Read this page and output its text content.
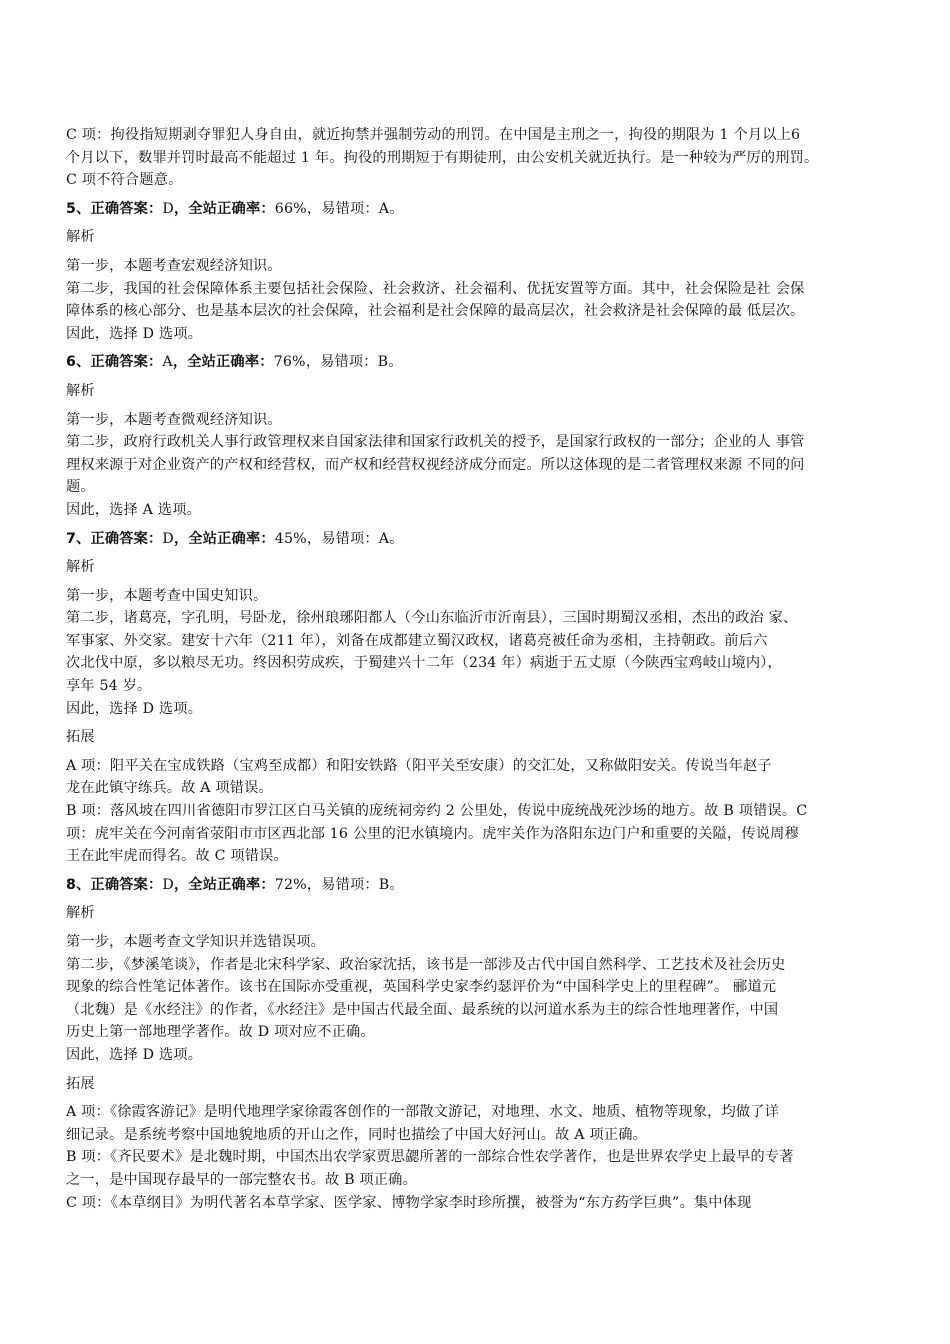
C 项：拘役指短期剥夺罪犯人身自由，就近拘禁并强制劳动的刑罚。在中国是主刑之一，拘役的期限为 1 个月以上6
个月以下，数罪并罚时最高不能超过 1 年。拘役的刑期短于有期徒刑，由公安机关就近执行。是一种较为严厉的刑罚。
C 项不符合题意。
5、正确答案：D，全站正确率：66%，易错项：A。
解析
第一步，本题考查宏观经济知识。
第二步，我国的社会保障体系主要包括社会保险、社会救济、社会福利、优抚安置等方面。其中，社会保险是社 会保
障体系的核心部分、也是基本层次的社会保障，社会福利是社会保障的最高层次，社会救济是社会保障的最 低层次。
因此，选择 D 选项。
6、正确答案：A，全站正确率：76%，易错项：B。
解析
第一步，本题考查微观经济知识。
第二步，政府行政机关人事行政管理权来自国家法律和国家行政机关的授予，是国家行政权的一部分；企业的人 事管
理权来源于对企业资产的产权和经营权，而产权和经营权视经济成分而定。所以这体现的是二者管理权来源 不同的问
题。
因此，选择 A 选项。
7、正确答案：D，全站正确率：45%，易错项：A。
解析
第一步，本题考查中国史知识。
第二步，诸葛亮，字孔明，号卧龙，徐州琅琊阳都人（今山东临沂市沂南县），三国时期蜀汉丞相，杰出的政治 家、
军事家、外交家。建安十六年（211 年），刘备在成都建立蜀汉政权，诸葛亮被任命为丞相，主持朝政。前后六
次北伐中原，多以粮尽无功。终因积劳成疾，于蜀建兴十二年（234 年）病逝于五丈原（今陕西宝鸡岐山境内），
享年 54 岁。
因此，选择 D 选项。
拓展
A 项：阳平关在宝成铁路（宝鸡至成都）和阳安铁路（阳平关至安康）的交汇处，又称做阳安关。传说当年赵子
龙在此镇守练兵。故 A 项错误。
B 项：落风坡在四川省德阳市罗江区白马关镇的庞统祠旁约 2 公里处，传说中庞统战死沙场的地方。故 B 项错误。C
项：虎牢关在今河南省荥阳市市区西北部 16 公里的汜水镇境内。虎牢关作为洛阳东边门户和重要的关隘，传说周穆
王在此牢虎而得名。故 C 项错误。
8、正确答案：D，全站正确率：72%，易错项：B。
解析
第一步，本题考查文学知识并选错误项。
第二步，《梦溪笔谈》，作者是北宋科学家、政治家沈括，该书是一部涉及古代中国自然科学、工艺技术及社会历史
现象的综合性笔记体著作。该书在国际亦受重视，英国科学史家李约瑟评价为“中国科学史上的里程碑”。 郦道元
（北魏）是《水经注》的作者，《水经注》是中国古代最全面、最系统的以河道水系为主的综合性地理著作，中国
历史上第一部地理学著作。故 D 项对应不正确。
因此，选择 D 选项。
拓展
A 项：《徐霞客游记》是明代地理学家徐霞客创作的一部散文游记，对地理、水文、地质、植物等现象，均做了详
细记录。是系统考察中国地貌地质的开山之作，同时也描绘了中国大好河山。故 A 项正确。
B 项：《齐民要术》是北魏时期，中国杰出农学家贾思勰所著的一部综合性农学著作，也是世界农学史上最早的专著
之一，是中国现存最早的一部完整农书。故 B 项正确。
C 项：《本草纲目》为明代著名本草学家、医学家、博物学家李时珍所撰，被誉为“东方药学巨典”。集中体现
